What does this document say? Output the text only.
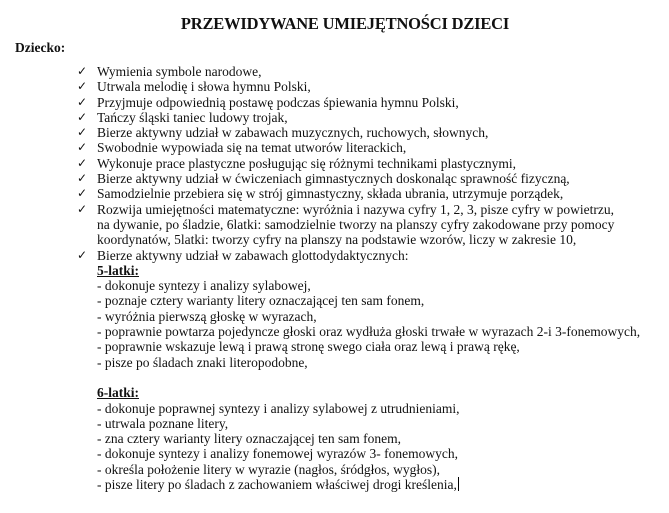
PRZEWIDYWANE UMIEJĘTNOŚCI DZIECI
Dziecko:
✓ Wymienia symbole narodowe,
✓ Utrwala melodię i słowa hymnu Polski,
✓ Przyjmuje odpowiednią postawę podczas śpiewania hymnu Polski,
✓ Tańczy śląski taniec ludowy trojak,
✓ Bierze aktywny udział w zabawach muzycznych, ruchowych, słownych,
✓ Swobodnie wypowiada się na temat utworów literackich,
✓ Wykonuje prace plastyczne posługując się różnymi technikami plastycznymi,
✓ Bierze aktywny udział w ćwiczeniach gimnastycznych doskonaląc sprawność fizyczną,
✓ Samodzielnie przebiera się w strój gimnastyczny, składa ubrania, utrzymuje porządek,
✓ Rozwija umiejętności matematyczne: wyróżnia i nazywa cyfry 1, 2, 3, pisze cyfry w powietrzu,
na dywanie, po śladzie, 6latki: samodzielnie tworzy na planszy cyfry zakodowane przy pomocy
koordynatów, 5latki: tworzy cyfry na planszy na podstawie wzorów, liczy w zakresie 10,
✓ Bierze aktywny udział w zabawach glottodydaktycznych:
5-latki:
- dokonuje syntezy i analizy sylabowej,
- poznaje cztery warianty litery oznaczającej ten sam fonem,
- wyróżnia pierwszą głoskę w wyrazach,
- poprawnie powtarza pojedyncze głoski oraz wydłuża głoski trwałe w wyrazach 2-i 3-fonemowych,
- poprawnie wskazuje lewą i prawą stronę swego ciała oraz lewą i prawą rękę,
- pisze po śladach znaki literopodobne,
6-latki:
- dokonuje poprawnej syntezy i analizy sylabowej z utrudnieniami,
- utrwala poznane litery,
- zna cztery warianty litery oznaczającej ten sam fonem,
- dokonuje syntezy i analizy fonemowej wyrazów 3- fonemowych,
- określa położenie litery w wyrazie (nagłos, śródgłos, wygłos),
- pisze litery po śladach z zachowaniem właściwej drogi kreślenia,
